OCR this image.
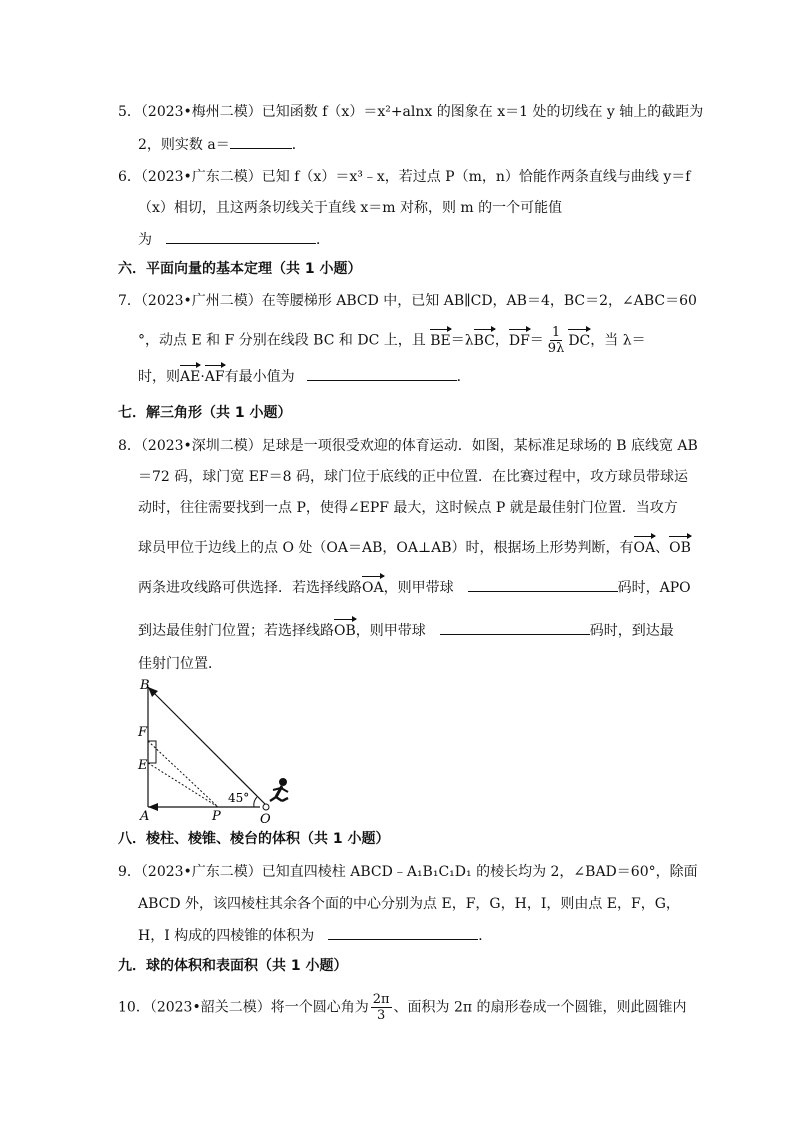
5．（2023•梅州二模）已知函数 f（x）＝x²+alnx 的图象在 x＝1 处的切线在 y 轴上的截距为
2，则实数 a＝	．
6．（2023•广东二模）已知 f（x）＝x³﹣x，若过点 P（m，n）恰能作两条直线与曲线 y＝f
（x）相切，且这两条切线关于直线 x＝m 对称，则 m 的一个可能值
为	．
六．平面向量的基本定理（共 1 小题）
7．（2023•广州二模）在等腰梯形 ABCD 中，已知 AB∥CD，AB＝4，BC＝2，∠ABC＝60
°，动点 E 和 F 分别在线段 BC 和 DC 上，且 BE＝λBC，$DF= \frac{1}{9\lambda}$ DC，当 λ＝
时，则AE·AF有最小值为	．
七．解三角形（共 1 小题）
8．（2023•深圳二模）足球是一项很受欢迎的体育运动．如图，某标准足球场的 B 底线宽 AB
＝72 码，球门宽 EF＝8 码，球门位于底线的正中位置．在比赛过程中，攻方球员带球运
动时，往往需要找到一点 P，使得∠EPF 最大，这时候点 P 就是最佳射门位置．当攻方
球员甲位于边线上的点 O 处（OA＝AB，OA⊥AB）时，根据场上形势判断，有OA、OB
两条进攻线路可供选择．若选择线路OA，则甲带球	码时，APO
到达最佳射门位置；若选择线路OB，则甲带球	码时，到达最
佳射门位置．
B
F
E
A	P	O
45°
八．棱柱、棱锥、棱台的体积（共 1 小题）
9．（2023•广东二模）已知直四棱柱 ABCD﹣A₁B₁C₁D₁ 的棱长均为 2，∠BAD＝60°，除面
ABCD 外，该四棱柱其余各个面的中心分别为点 E，F，G，H，I，则由点 E，F，G，
H，I 构成的四棱锥的体积为	．
九．球的体积和表面积（共 1 小题）
10．（2023•韶关二模）将一个圆心角为 $\frac{2\pi}{3}$ 、面积为 2π 的扇形卷成一个圆锥，则此圆锥内
